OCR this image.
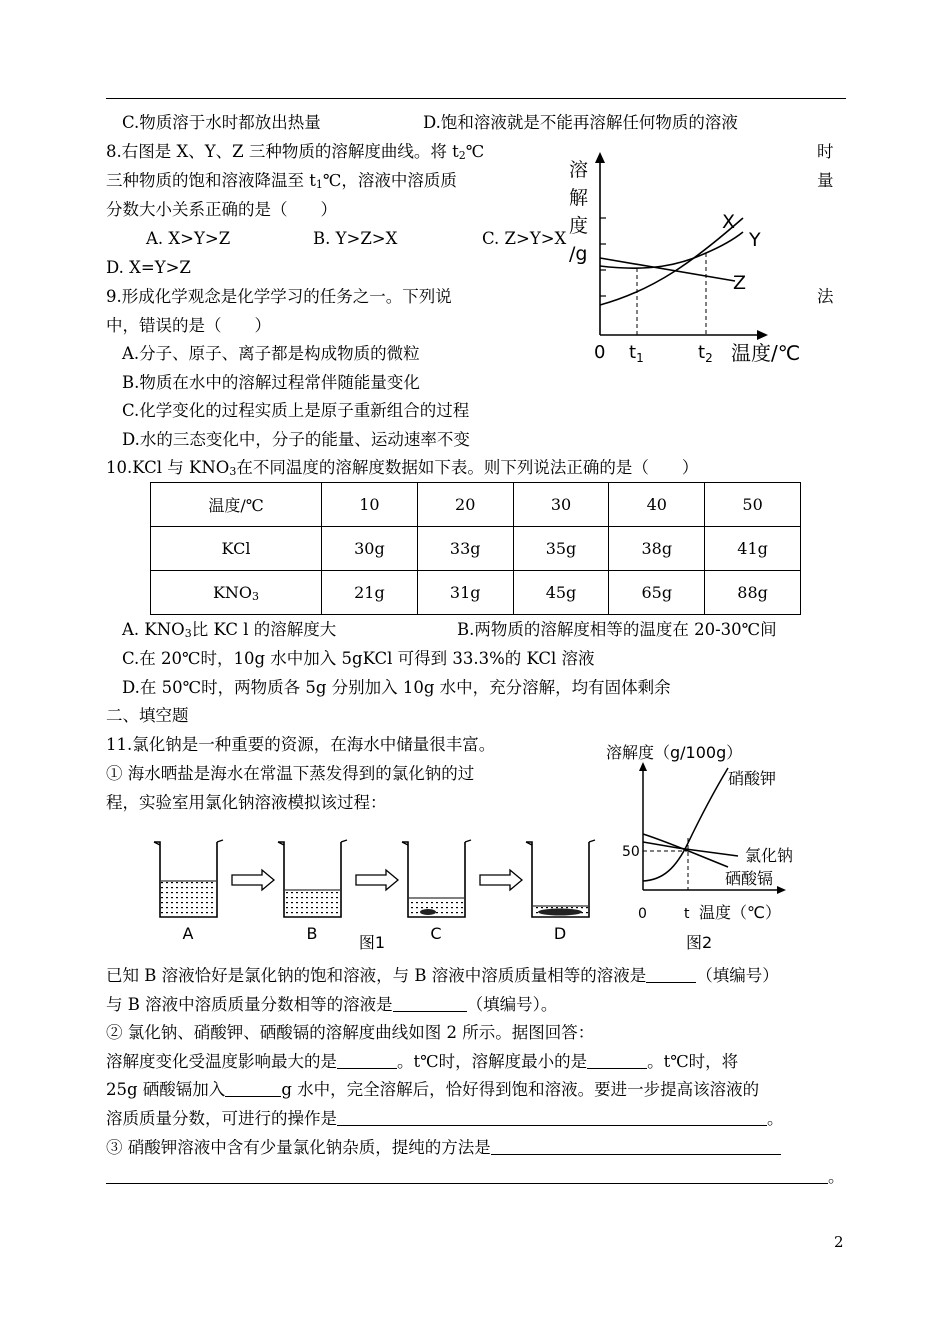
C.物质溶于水时都放出热量	D.饱和溶液就是不能再溶解任何物质的溶液
8.右图是 X、Y、Z 三种物质的溶解度曲线。将 $t_2℃$	时
三种物质的饱和溶液降温至 $t_1℃$，溶液中溶质质	量
分数大小关系正确的是（　　）
A. X>Y>Z	B. Y>Z>X	C. Z>Y>X
D. X=Y>Z
溶
解
度
/g
0 $t_1$	$t_2$ 温度/℃
X
Y
Z
9.形成化学观念是化学学习的任务之一。下列说	法
中，错误的是（　　）
A.分子、原子、离子都是构成物质的微粒
B.物质在水中的溶解过程常伴随能量变化
C.化学变化的过程实质上是原子重新组合的过程
D.水的三态变化中，分子的能量、运动速率不变
10.KCl 与 $KNO_3$在不同温度的溶解度数据如下表。则下列说法正确的是（　　）
温度/℃	10	20	30	40	50
KCl	30g	33g	35g	38g	41g
$KNO_3$	21g	31g	45g	65g	88g
A. $KNO_3$比 KC l 的溶解度大	B.两物质的溶解度相等的温度在 20-30℃间
C.在 20℃时，10g 水中加入 5gKCl 可得到 33.3%的 KCl 溶液
D.在 50℃时，两物质各 5g 分别加入 10g 水中，充分溶解，均有固体剩余
二、填空题
11.氯化钠是一种重要的资源，在海水中储量很丰富。
① 海水晒盐是海水在常温下蒸发得到的氯化钠的过
程，实验室用氯化钠溶液模拟该过程：
A	B	C	D
图1
溶解度（g/100g）
硝酸钾
氯化钠
硒酸镉
50
0	t 温度（℃）
图2
已知 B 溶液恰好是氯化钠的饱和溶液，与 B 溶液中溶质质量相等的溶液是	（填编号）
与 B 溶液中溶质质量分数相等的溶液是	（填编号）。
② 氯化钠、硝酸钾、硒酸镉的溶解度曲线如图 2 所示。据图回答：
溶解度变化受温度影响最大的是	。t℃时，溶解度最小的是	。t℃时，将
25g 硒酸镉加入	g 水中，完全溶解后，恰好得到饱和溶液。要进一步提高该溶液的
溶质质量分数，可进行的操作是	。
③ 硝酸钾溶液中含有少量氯化钠杂质，提纯的方法是
。
2
